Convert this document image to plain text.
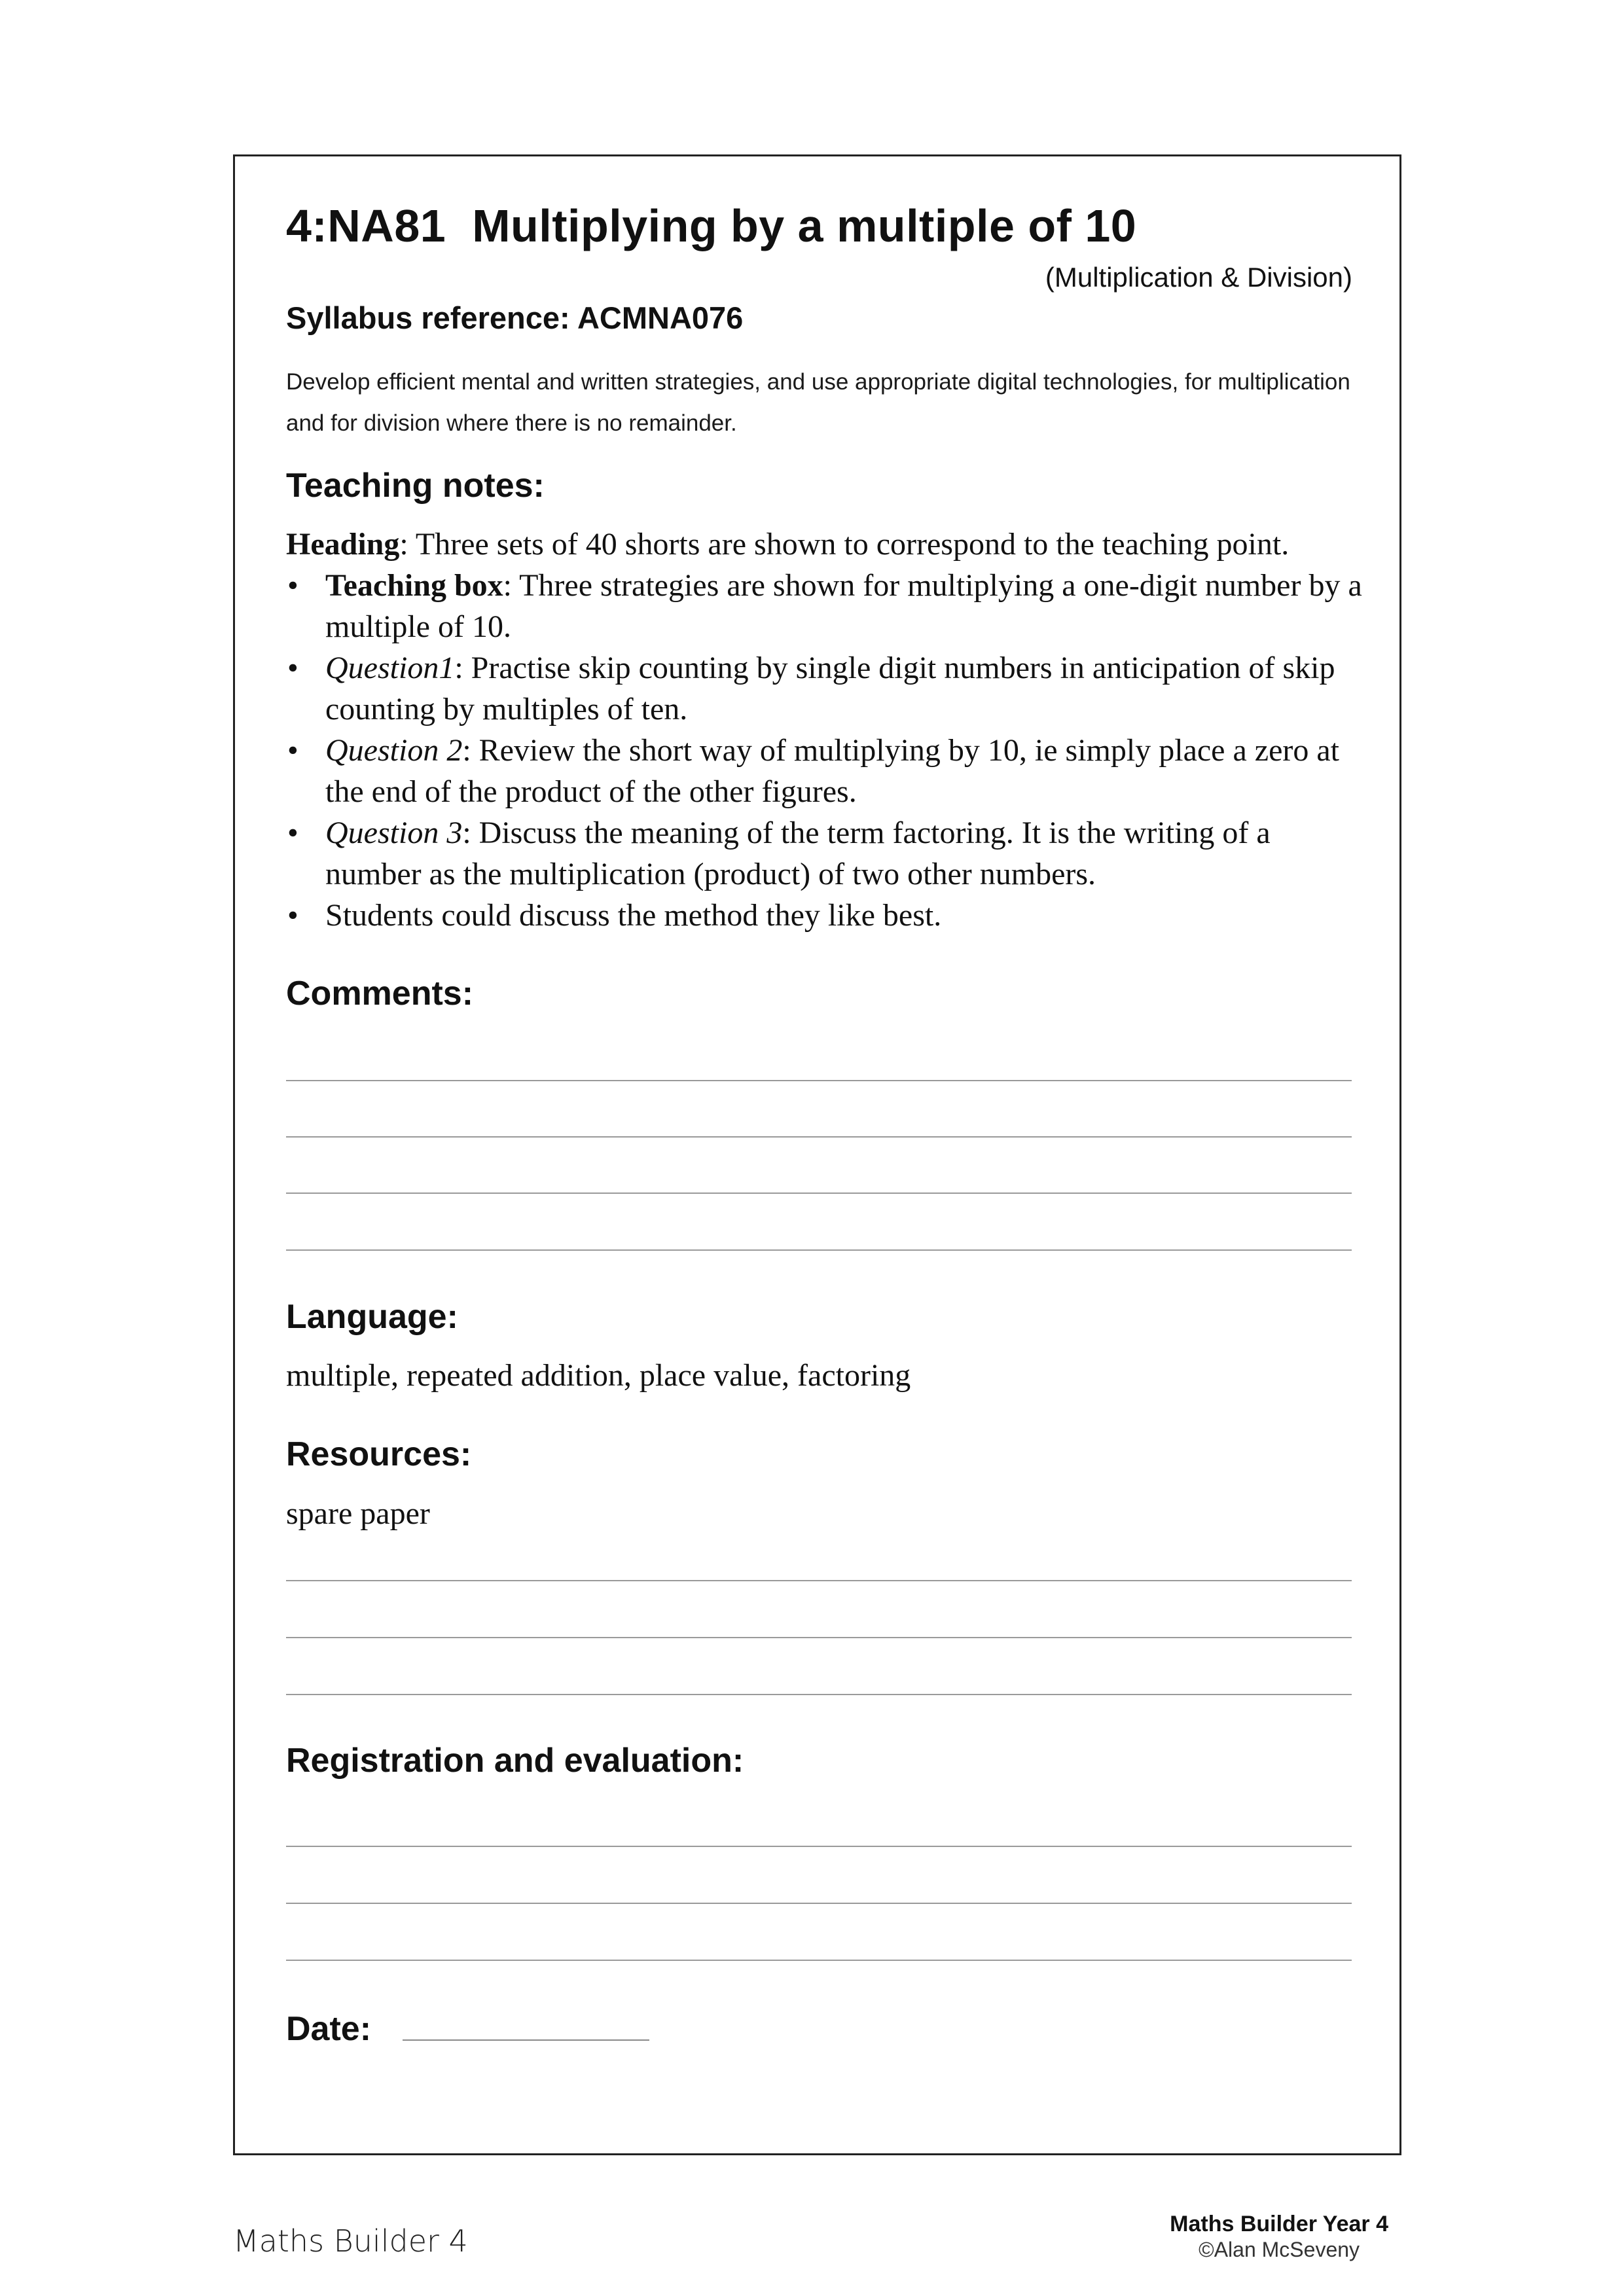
4:NA81 Multiplying by a multiple of 10
(Multiplication & Division)
Syllabus reference: ACMNA076
Develop efficient mental and written strategies, and use appropriate digital technologies, for multiplication and for division where there is no remainder.
Teaching notes:

Heading: Three sets of 40 shorts are shown to correspond to the teaching point.

• Teaching box: Three strategies are shown for multiplying a one-digit number by a multiple of 10.
• Question1: Practise skip counting by single digit numbers in anticipation of skip counting by multiples of ten.
• Question 2: Review the short way of multiplying by 10, ie simply place a zero at the end of the product of the other figures.
• Question 3: Discuss the meaning of the term factoring. It is the writing of a number as the multiplication (product) of two other numbers.
• Students could discuss the method they like best.
Comments:
Language:
multiple, repeated addition, place value, factoring
Resources:
spare paper
Registration and evaluation:
Date:
Maths Builder 4	Maths Builder Year 4
©Alan McSeveny
